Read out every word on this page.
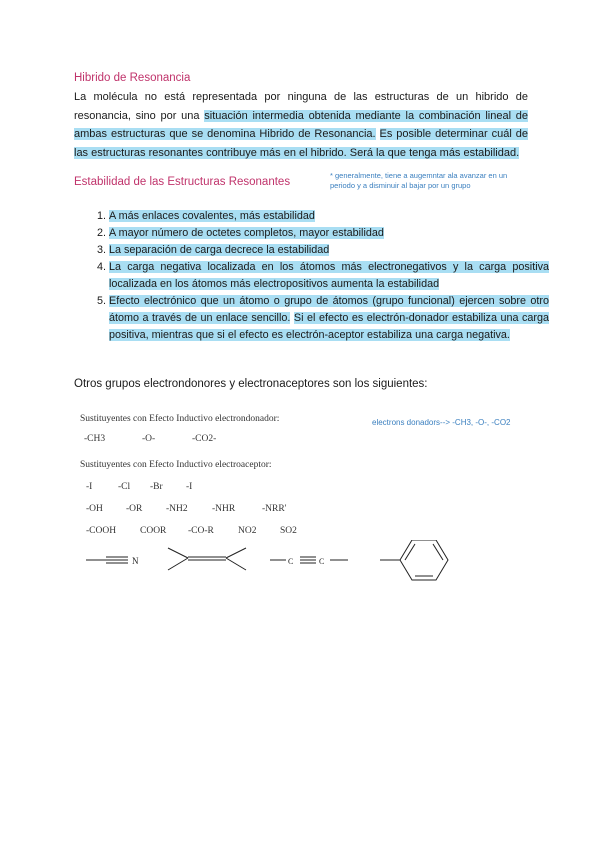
Hibrido de Resonancia
La molécula no está representada por ninguna de las estructuras de un hibrido de resonancia, sino por una situación intermedia obtenida mediante la combinación lineal de ambas estructuras que se denomina Hibrido de Resonancia. Es posible determinar cuál de las estructuras resonantes contribuye más en el hibrido. Será la que tenga más estabilidad.
Estabilidad de las Estructuras Resonantes
* generalmente, tiene a augemntar ala avanzar en un periodo y a disminuir al bajar por un grupo
1. A más enlaces covalentes, más estabilidad
2. A mayor número de octetes completos, mayor estabilidad
3. La separación de carga decrece la estabilidad
4. La carga negativa localizada en los átomos más electronegativos y la carga positiva localizada en los átomos más electropositivos aumenta la estabilidad
5. Efecto electrónico que un átomo o grupo de átomos (grupo funcional) ejercen sobre otro átomo a través de un enlace sencillo. Si el efecto es electrón-donador estabiliza una carga positiva, mientras que si el efecto es electrón-aceptor estabiliza una carga negativa.
Otros grupos electrondonores y electronaceptores son los siguientes:
Sustituyentes con Efecto Inductivo electrondonador:
-CH3	-O-	-CO2-
Sustituyentes con Efecto Inductivo electroaceptor:
-I	-Cl -Br -I
-OH -OR -NH2	-NHR	-NRR'
-COOH	COOR -CO-R	NO2 SO2
N	C	C
electrons donadors--> -CH3, -O-, -CO2
